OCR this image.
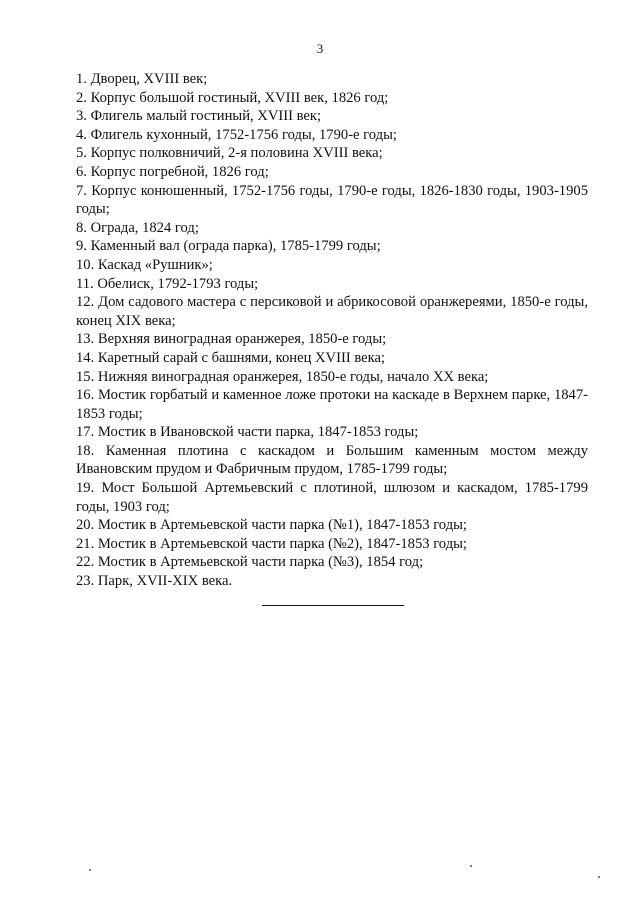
3
1. Дворец, XVIII век;
2. Корпус большой гостиный, XVIII век, 1826 год;
3. Флигель малый гостиный, XVIII век;
4. Флигель кухонный, 1752-1756 годы, 1790-е годы;
5. Корпус полковничий, 2-я половина XVIII века;
6. Корпус погребной, 1826 год;
7. Корпус конюшенный, 1752-1756 годы, 1790-е годы, 1826-1830 годы, 1903-1905 годы;
8. Ограда, 1824 год;
9. Каменный вал (ограда парка), 1785-1799 годы;
10. Каскад «Рушник»;
11. Обелиск, 1792-1793 годы;
12. Дом садового мастера с персиковой и абрикосовой оранжереями, 1850-е годы, конец XIX века;
13. Верхняя виноградная оранжерея, 1850-е годы;
14. Каретный сарай с башнями, конец XVIII века;
15. Нижняя виноградная оранжерея, 1850-е годы, начало XX века;
16. Мостик горбатый и каменное ложе протоки на каскаде в Верхнем парке, 1847-1853 годы;
17. Мостик в Ивановской части парка, 1847-1853 годы;
18. Каменная плотина с каскадом и Большим каменным мостом между Ивановским прудом и Фабричным прудом, 1785-1799 годы;
19. Мост Большой Артемьевский с плотиной, шлюзом и каскадом, 1785-1799 годы, 1903 год;
20. Мостик в Артемьевской части парка (№1), 1847-1853 годы;
21. Мостик в Артемьевской части парка (№2), 1847-1853 годы;
22. Мостик в Артемьевской части парка (№3), 1854 год;
23. Парк, XVII-XIX века.
